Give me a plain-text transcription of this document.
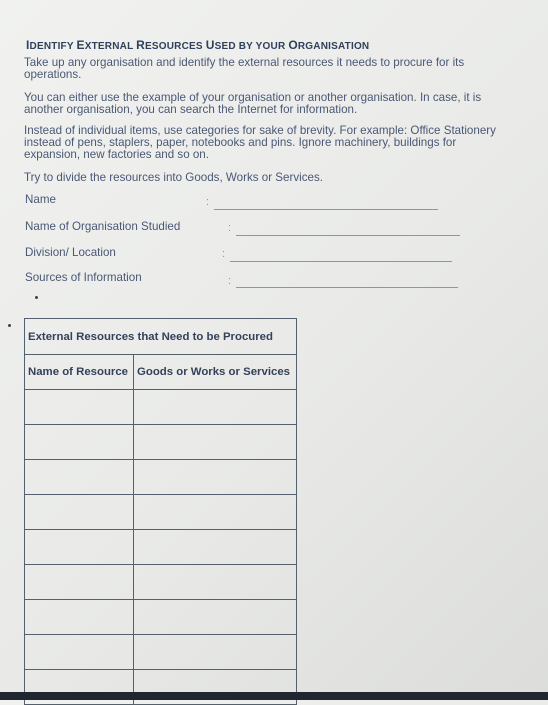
IDENTIFY EXTERNAL RESOURCES USED BY YOUR ORGANISATION

Take up any organisation and identify the external resources it needs to procure for its operations.

You can either use the example of your organisation or another organisation. In case, it is another organisation, you can search the Internet for information.

Instead of individual items, use categories for sake of brevity. For example: Office Stationery instead of pens, staplers, paper, notebooks and pins. Ignore machinery, buildings for expansion, new factories and so on.

Try to divide the resources into Goods, Works or Services.

Name	:
Name of Organisation Studied	:
Division/ Location	:
Sources of Information	:
External Resources that Need to be Procured	
Name of Resource	Goods or Works or Services
